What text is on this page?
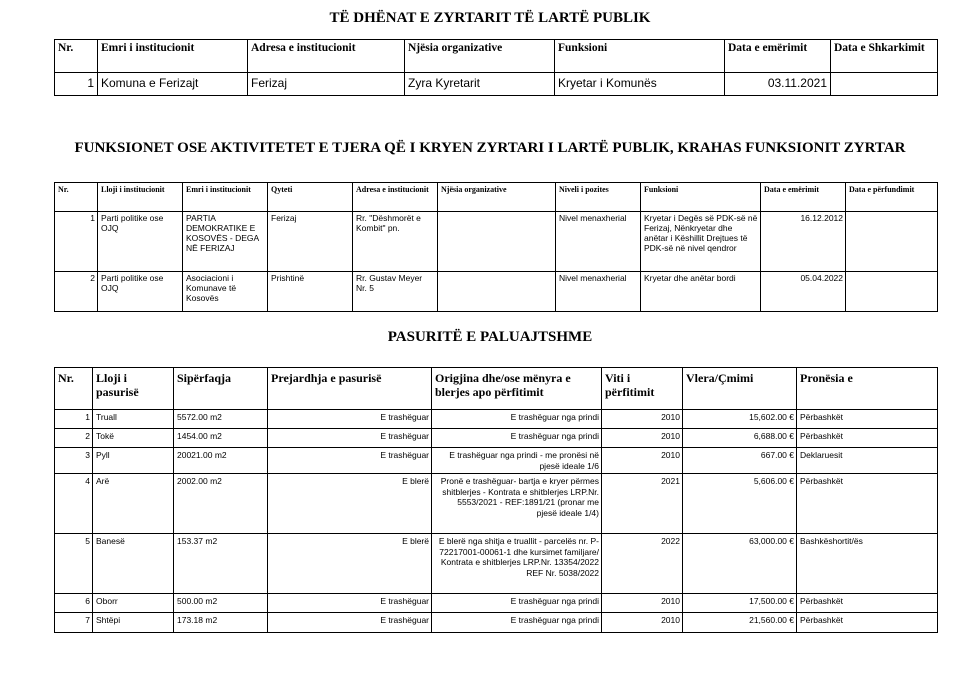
TË DHËNAT E ZYRTARIT TË LARTË PUBLIK
Nr.	Emri i institucionit	Adresa e institucionit	Njësia organizative	Funksioni	Data e emërimit	Data e Shkarkimit
1	Komuna e Ferizajt	Ferizaj	Zyra Kyretarit	Kryetar i Komunës	03.11.2021	
FUNKSIONET OSE AKTIVITETET E TJERA QË I KRYEN ZYRTARI I LARTË PUBLIK, KRAHAS FUNKSIONIT ZYRTAR
Nr.	Lloji i institucionit	Emri i institucionit	Qyteti	Adresa e institucionit	Njësia organizative	Niveli i pozites	Funksioni	Data e emërimit	Data e përfundimit
1	Parti politike ose OJQ	PARTIA DEMOKRATIKE E KOSOVËS - DEGA NË FERIZAJ	Ferizaj	Rr. "Dëshmorët e Kombit" pn.		Nivel menaxherial	Kryetar i Degës së PDK-së në Ferizaj, Nënkryetar dhe anëtar i Këshillit Drejtues të PDK-së në nivel qendror	16.12.2012	
2	Parti politike ose OJQ	Asociacioni i Komunave të Kosovës	Prishtinë	Rr. Gustav Meyer Nr. 5		Nivel menaxherial	Kryetar dhe anëtar bordi	05.04.2022	
PASURITË E PALUAJTSHME
Nr.	Lloji i pasurisë	Sipërfaqja	Prejardhja e pasurisë	Origjina dhe/ose mënyra e blerjes apo përfitimit	Viti i përfitimit	Vlera/Çmimi	Pronësia e
1	Truall	5572.00 m2	E trashëguar	E trashëguar nga prindi	2010	15,602.00 €	Përbashkët
2	Tokë	1454.00 m2	E trashëguar	E trashëguar nga prindi	2010	6,688.00 €	Përbashkët
3	Pyll	20021.00 m2	E trashëguar	E trashëguar nga prindi - me pronësi në pjesë ideale 1/6	2010	667.00 €	Deklaruesit
4	Arë	2002.00 m2	E blerë	Pronë e trashëguar- bartja e kryer përmes shitblerjes - Kontrata e shitblerjes LRP.Nr. 5553/2021 - REF:1891/21 (pronar me pjesë ideale 1/4)	2021	5,606.00 €	Përbashkët
5	Banesë	153.37 m2	E blerë	E blerë nga shitja e truallit - parcelës nr. P-72217001-00061-1 dhe kursimet familjare/ Kontrata e shitblerjes LRP.Nr. 13354/2022 REF Nr. 5038/2022	2022	63,000.00 €	Bashkëshortit/ës
6	Oborr	500.00 m2	E trashëguar	E trashëguar nga prindi	2010	17,500.00 €	Përbashkët
7	Shtëpi	173.18 m2	E trashëguar	E trashëguar nga prindi	2010	21,560.00 €	Përbashkët
